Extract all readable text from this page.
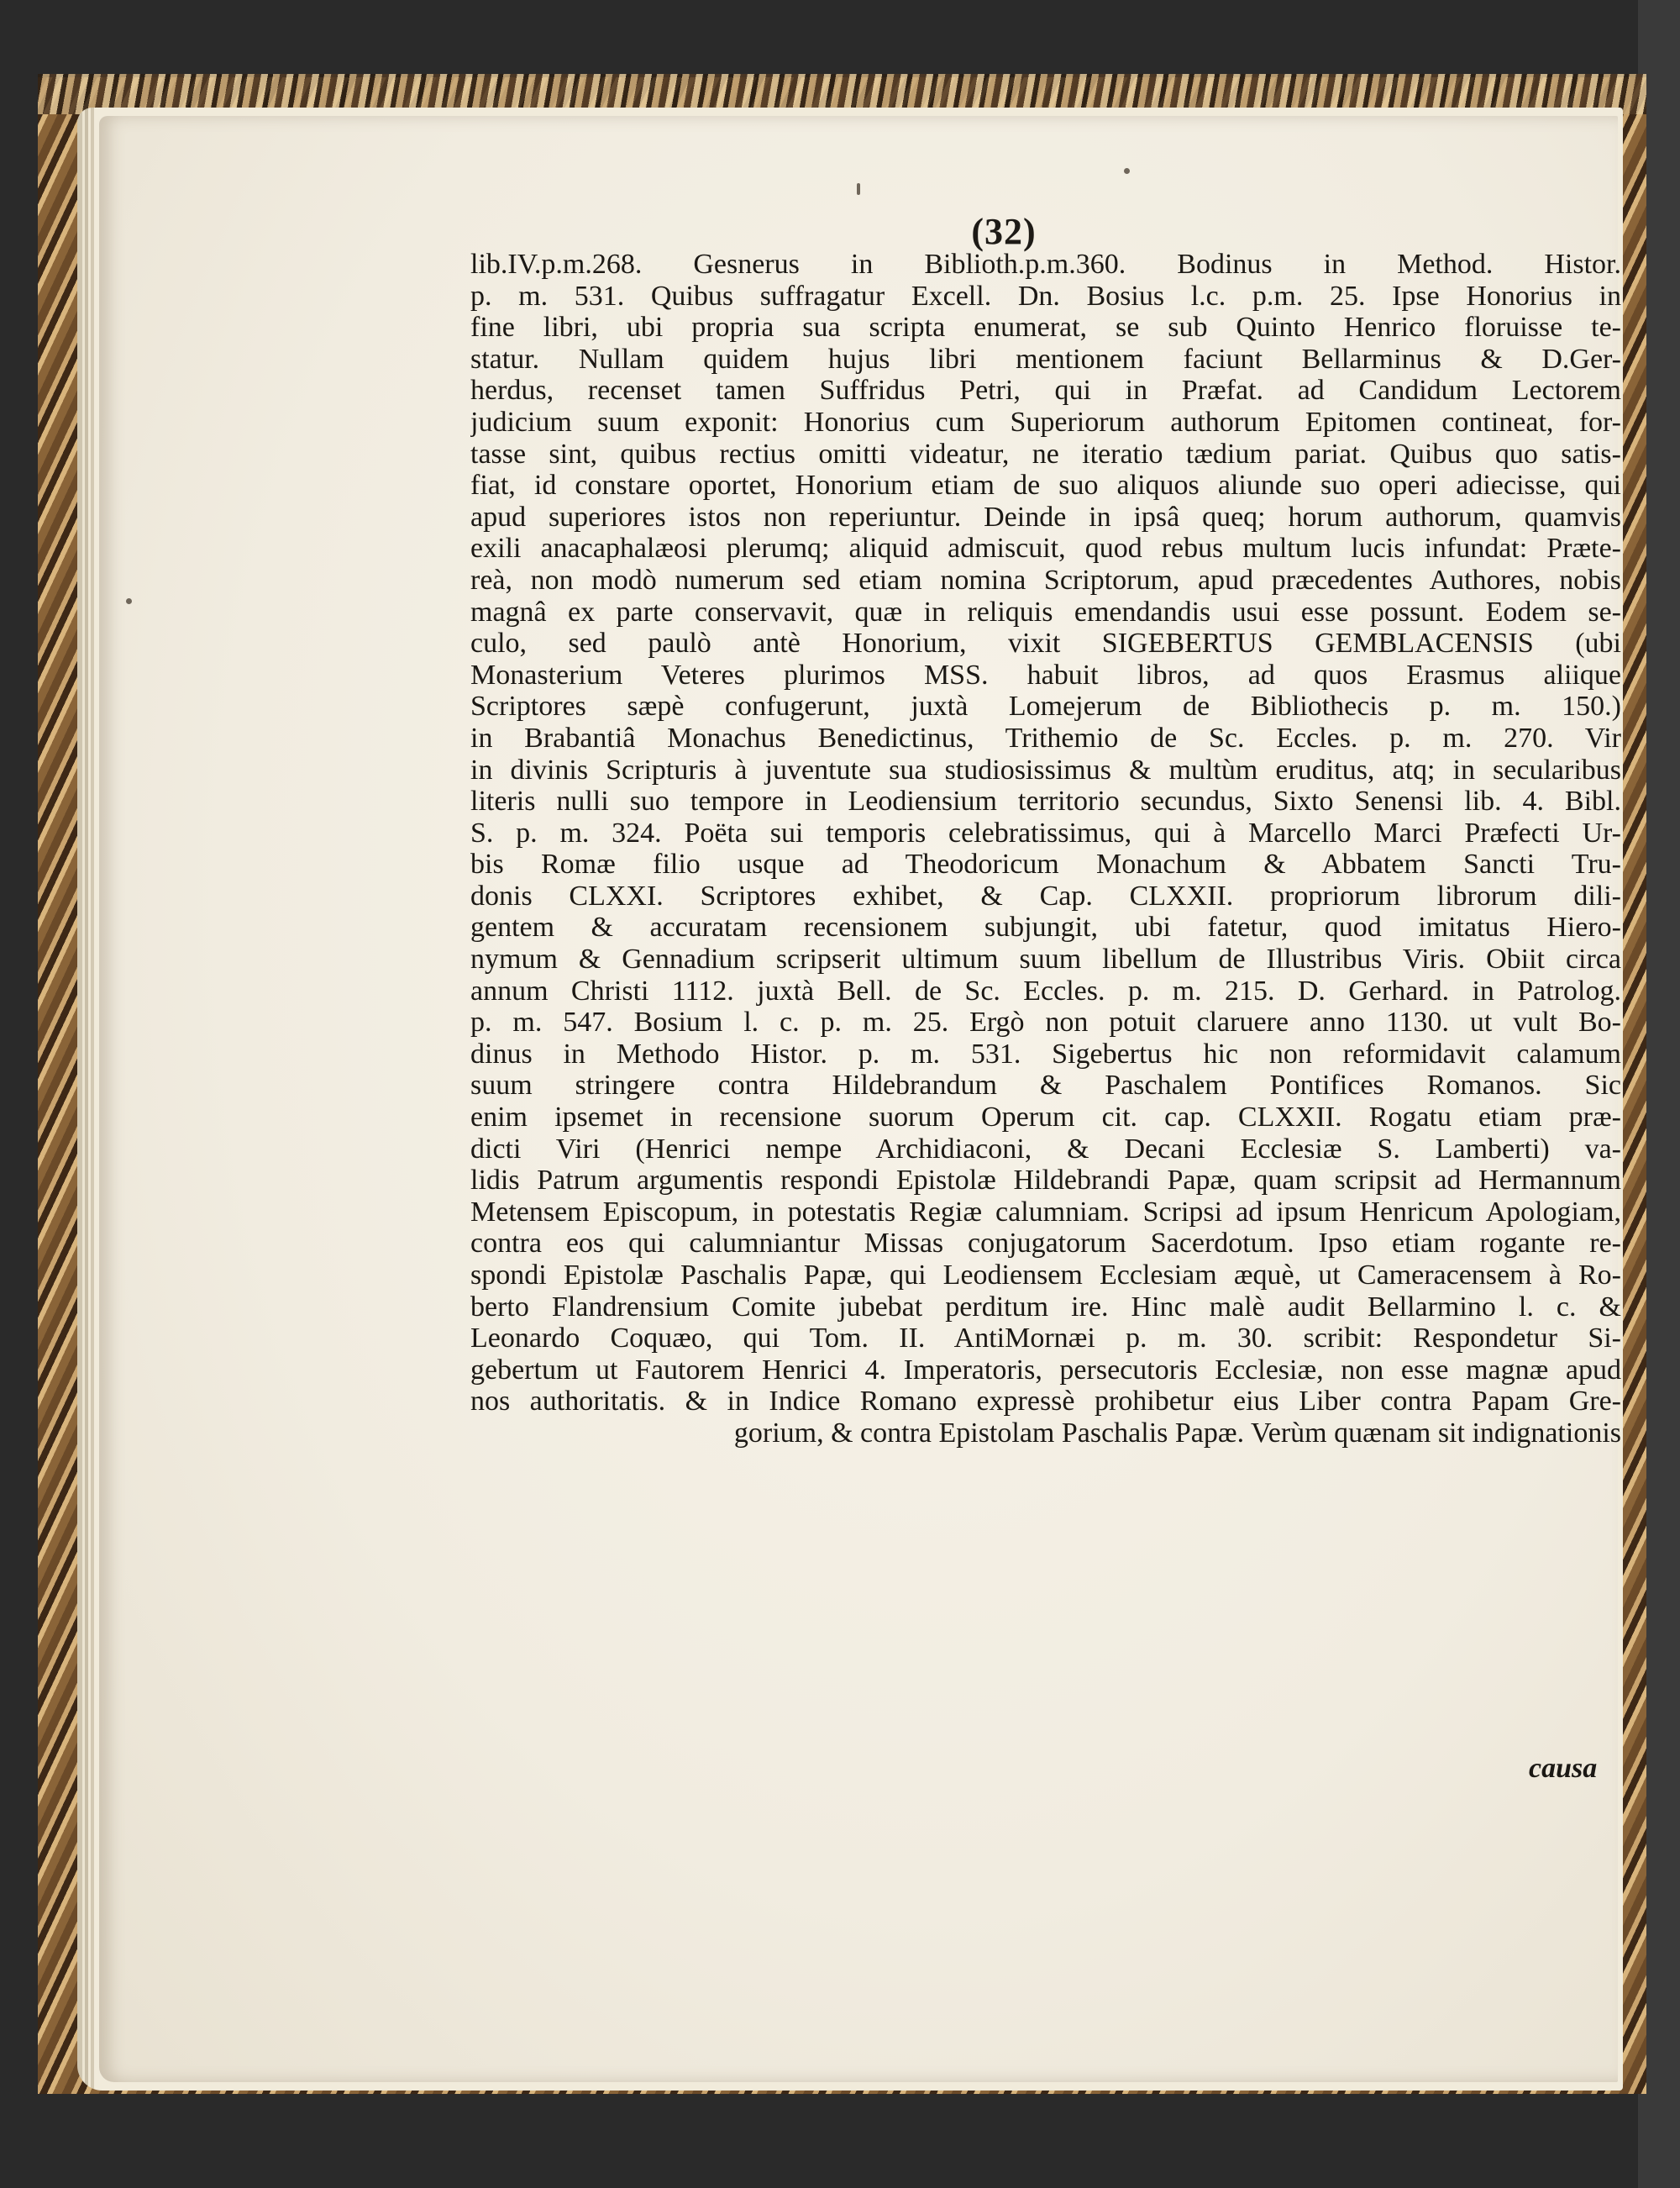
(32)
lib.IV.p.m.268. Gesnerus in Biblioth.p.m.360. Bodinus in Method. Histor.
p. m. 531. Quibus suffragatur Excell. Dn. Bosius l.c. p.m. 25. Ipse Honorius in
fine libri, ubi propria sua scripta enumerat, se sub Quinto Henrico floruisse te-
statur. Nullam quidem hujus libri mentionem faciunt Bellarminus & D.Ger-
herdus, recenset tamen Suffridus Petri, qui in Præfat. ad Candidum Lectorem
judicium suum exponit: Honorius cum Superiorum authorum Epitomen contineat, for-
tasse sint, quibus rectius omitti videatur, ne iteratio tædium pariat. Quibus quo satis-
fiat, id constare oportet, Honorium etiam de suo aliquos aliunde suo operi adiecisse, qui
apud superiores istos non reperiuntur. Deinde in ipsâ queq; horum authorum, quamvis
exili anacaphalæosi plerumq; aliquid admiscuit, quod rebus multum lucis infundat: Præte-
reà, non modò numerum sed etiam nomina Scriptorum, apud præcedentes Authores, nobis
magnâ ex parte conservavit, quæ in reliquis emendandis usui esse possunt. Eodem se-
culo, sed paulò antè Honorium, vixit SIGEBERTUS GEMBLACENSIS (ubi
Monasterium Veteres plurimos MSS. habuit libros, ad quos Erasmus aliique
Scriptores sæpè confugerunt, juxtà Lomejerum de Bibliothecis p. m. 150.)
in Brabantiâ Monachus Benedictinus, Trithemio de Sc. Eccles. p. m. 270. Vir
in divinis Scripturis à juventute sua studiosissimus & multùm eruditus, atq; in secularibus
literis nulli suo tempore in Leodiensium territorio secundus, Sixto Senensi lib. 4. Bibl.
S. p. m. 324. Poëta sui temporis celebratissimus, qui à Marcello Marci Præfecti Ur-
bis Romæ filio usque ad Theodoricum Monachum & Abbatem Sancti Tru-
donis CLXXI. Scriptores exhibet, & Cap. CLXXII. propriorum librorum dili-
gentem & accuratam recensionem subjungit, ubi fatetur, quod imitatus Hiero-
nymum & Gennadium scripserit ultimum suum libellum de Illustribus Viris. Obiit circa
annum Christi 1112. juxtà Bell. de Sc. Eccles. p. m. 215. D. Gerhard. in Patrolog.
p. m. 547. Bosium l. c. p. m. 25. Ergò non potuit claruere anno 1130. ut vult Bo-
dinus in Methodo Histor. p. m. 531. Sigebertus hic non reformidavit calamum
suum stringere contra Hildebrandum & Paschalem Pontifices Romanos. Sic
enim ipsemet in recensione suorum Operum cit. cap. CLXXII. Rogatu etiam præ-
dicti Viri (Henrici nempe Archidiaconi, & Decani Ecclesiæ S. Lamberti) va-
lidis Patrum argumentis respondi Epistolæ Hildebrandi Papæ, quam scripsit ad Hermannum
Metensem Episcopum, in potestatis Regiæ calumniam. Scripsi ad ipsum Henricum Apologiam,
contra eos qui calumniantur Missas conjugatorum Sacerdotum. Ipso etiam rogante re-
spondi Epistolæ Paschalis Papæ, qui Leodiensem Ecclesiam æquè, ut Cameracensem à Ro-
berto Flandrensium Comite jubebat perditum ire. Hinc malè audit Bellarmino l. c. &
Leonardo Coquæo, qui Tom. II. AntiMornæi p. m. 30. scribit: Respondetur Si-
gebertum ut Fautorem Henrici 4. Imperatoris, persecutoris Ecclesiæ, non esse magnæ apud
nos authoritatis. & in Indice Romano expressè prohibetur eius Liber contra Papam Gre-
gorium, & contra Epistolam Paschalis Papæ. Verùm quænam sit indignationis
causa
